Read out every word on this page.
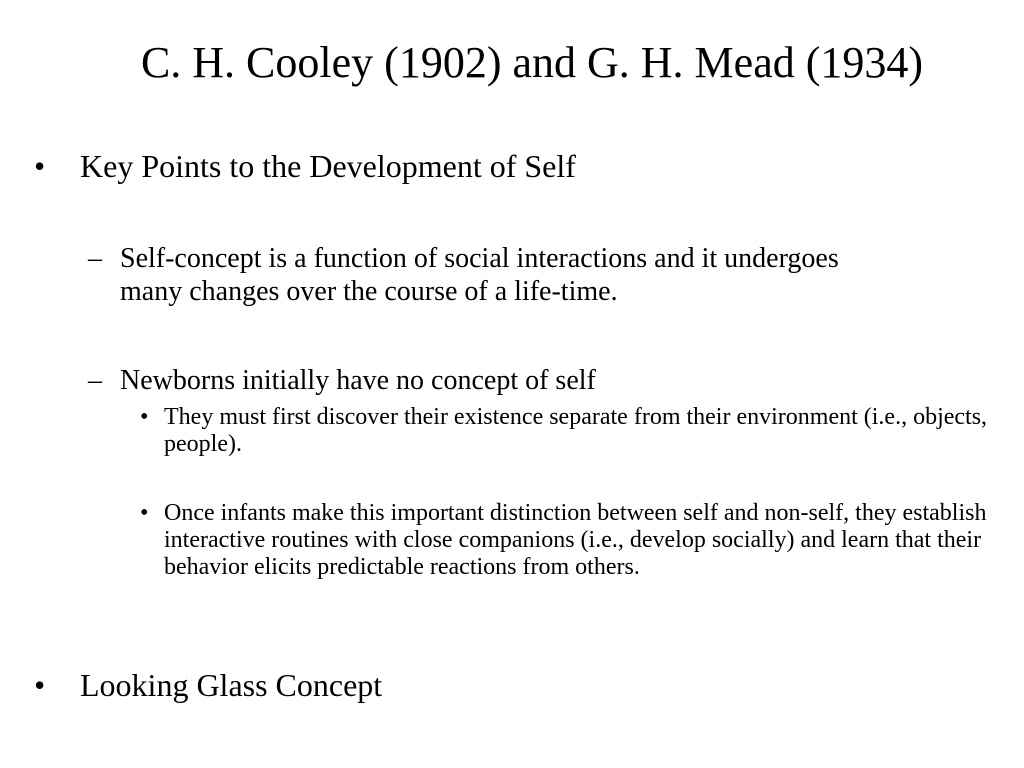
C. H. Cooley (1902) and G. H. Mead (1934)
•	Key Points to the Development of Self
– Self-concept is a function of social interactions and it undergoes many changes over the course of a life-time.
– Newborns initially have no concept of self
• They must first discover their existence separate from their environment (i.e., objects, people).
• Once infants make this important distinction between self and non-self, they establish interactive routines with close companions (i.e., develop socially) and learn that their behavior elicits predictable reactions from others.
•	Looking Glass Concept
